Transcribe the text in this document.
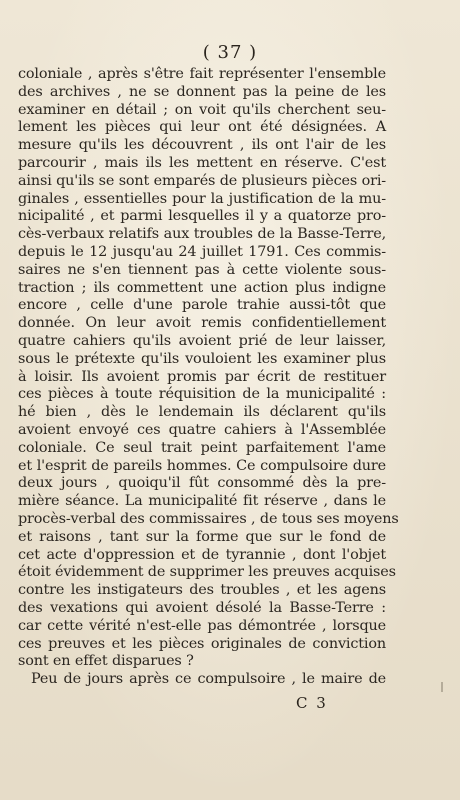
( 37 )
coloniale , après s'être fait représenter l'ensemble
des archives , ne se donnent pas la peine de les
examiner en détail ; on voit qu'ils cherchent seu-
lement les pièces qui leur ont été désignées. A
mesure qu'ils les découvrent , ils ont l'air de les
parcourir , mais ils les mettent en réserve. C'est
ainsi qu'ils se sont emparés de plusieurs pièces ori-
ginales , essentielles pour la justification de la mu-
nicipalité , et parmi lesquelles il y a quatorze pro-
cès-verbaux relatifs aux troubles de la Basse-Terre,
depuis le 12 jusqu'au 24 juillet 1791. Ces commis-
saires ne s'en tiennent pas à cette violente sous-
traction ; ils commettent une action plus indigne
encore , celle d'une parole trahie aussi-tôt que
donnée. On leur avoit remis confidentiellement
quatre cahiers qu'ils avoient prié de leur laisser,
sous le prétexte qu'ils vouloient les examiner plus
à loisir. Ils avoient promis par écrit de restituer
ces pièces à toute réquisition de la municipalité :
hé bien , dès le lendemain ils déclarent qu'ils
avoient envoyé ces quatre cahiers à l'Assemblée
coloniale. Ce seul trait peint parfaitement l'ame
et l'esprit de pareils hommes. Ce compulsoire dure
deux jours , quoiqu'il fût consommé dès la pre-
mière séance. La municipalité fit réserve , dans le
procès-verbal des commissaires , de tous ses moyens
et raisons , tant sur la forme que sur le fond de
cet acte d'oppression et de tyrannie , dont l'objet
étoit évidemment de supprimer les preuves acquises
contre les instigateurs des troubles , et les agens
des vexations qui avoient désolé la Basse-Terre :
car cette vérité n'est-elle pas démontrée , lorsque
ces preuves et les pièces originales de conviction
sont en effet disparues ?
Peu de jours après ce compulsoire , le maire de
C 3
